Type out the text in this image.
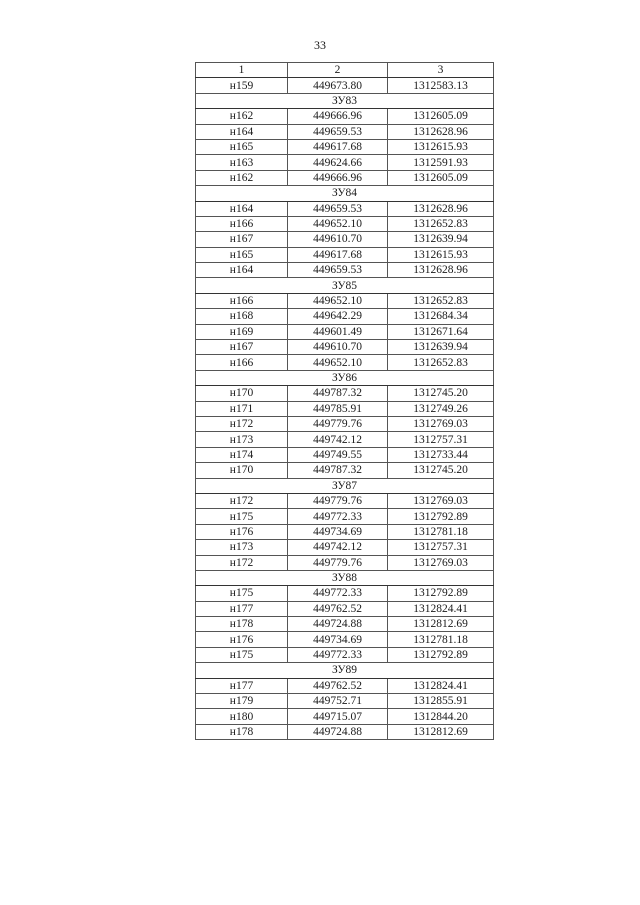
33
1	2	3
н159	449673.80	1312583.13
ЗУ83		
н162	449666.96	1312605.09
н164	449659.53	1312628.96
н165	449617.68	1312615.93
н163	449624.66	1312591.93
н162	449666.96	1312605.09
ЗУ84		
н164	449659.53	1312628.96
н166	449652.10	1312652.83
н167	449610.70	1312639.94
н165	449617.68	1312615.93
н164	449659.53	1312628.96
ЗУ85		
н166	449652.10	1312652.83
н168	449642.29	1312684.34
н169	449601.49	1312671.64
н167	449610.70	1312639.94
н166	449652.10	1312652.83
ЗУ86		
н170	449787.32	1312745.20
н171	449785.91	1312749.26
н172	449779.76	1312769.03
н173	449742.12	1312757.31
н174	449749.55	1312733.44
н170	449787.32	1312745.20
ЗУ87		
н172	449779.76	1312769.03
н175	449772.33	1312792.89
н176	449734.69	1312781.18
н173	449742.12	1312757.31
н172	449779.76	1312769.03
ЗУ88		
н175	449772.33	1312792.89
н177	449762.52	1312824.41
н178	449724.88	1312812.69
н176	449734.69	1312781.18
н175	449772.33	1312792.89
ЗУ89		
н177	449762.52	1312824.41
н179	449752.71	1312855.91
н180	449715.07	1312844.20
н178	449724.88	1312812.69
